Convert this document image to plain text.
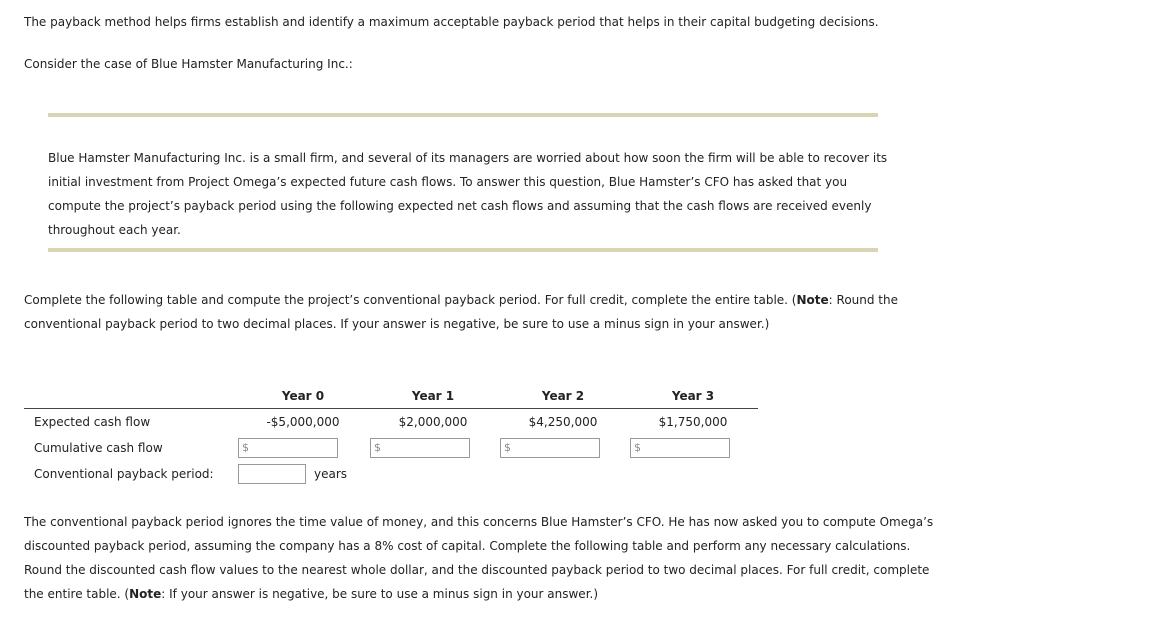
The payback method helps firms establish and identify a maximum acceptable payback period that helps in their capital budgeting decisions.

Consider the case of Blue Hamster Manufacturing Inc.:

Blue Hamster Manufacturing Inc. is a small firm, and several of its managers are worried about how soon the firm will be able to recover its initial investment from Project Omega’s expected future cash flows. To answer this question, Blue Hamster’s CFO has asked that you compute the project’s payback period using the following expected net cash flows and assuming that the cash flows are received evenly throughout each year.

Complete the following table and compute the project’s conventional payback period. For full credit, complete the entire table. (Note: Round the conventional payback period to two decimal places. If your answer is negative, be sure to use a minus sign in your answer.)

	Year 0	Year 1	Year 2	Year 3
Expected cash flow	-$5,000,000	$2,000,000	$4,250,000	$1,750,000
Cumulative cash flow	$	$	$	$

Conventional payback period:	years			

The conventional payback period ignores the time value of money, and this concerns Blue Hamster’s CFO. He has now asked you to compute Omega’s discounted payback period, assuming the company has a 8% cost of capital. Complete the following table and perform any necessary calculations. Round the discounted cash flow values to the nearest whole dollar, and the discounted payback period to two decimal places. For full credit, complete the entire table. (Note: If your answer is negative, be sure to use a minus sign in your answer.)
